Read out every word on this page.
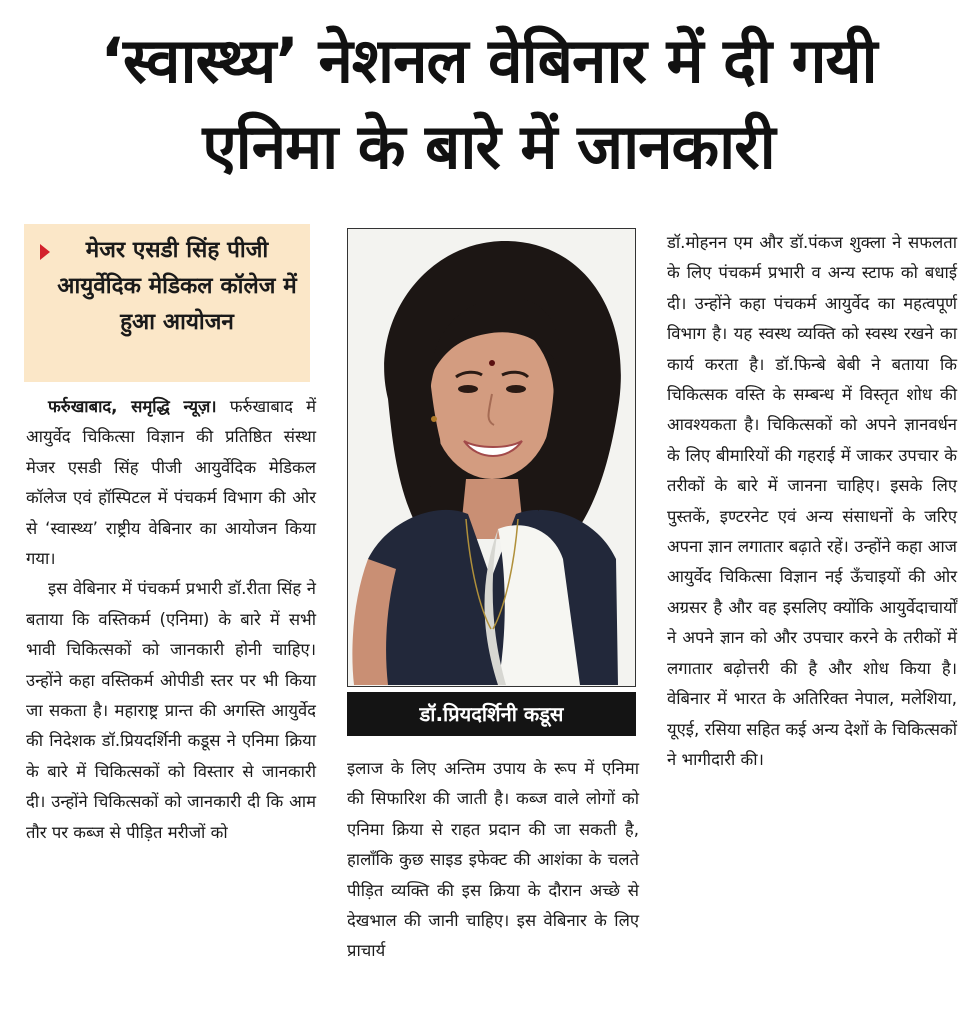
‘स्वास्थ्य’ नेशनल वेबिनार में दी गयी
एनिमा के बारे में जानकारी
मेजर एसडी सिंह पीजी आयुर्वेदिक मेडिकल कॉलेज में हुआ आयोजन

फर्रुखाबाद, समृद्धि न्यूज़। फर्रुखाबाद में आयुर्वेद चिकित्सा विज्ञान की प्रतिष्ठित संस्था मेजर एसडी सिंह पीजी आयुर्वेदिक मेडिकल कॉलेज एवं हॉस्पिटल में पंचकर्म विभाग की ओर से ‘स्वास्थ्य’ राष्ट्रीय वेबिनार का आयोजन किया गया।

इस वेबिनार में पंचकर्म प्रभारी डॉ.रीता सिंह ने बताया कि वस्तिकर्म (एनिमा) के बारे में सभी भावी चिकित्सकों को जानकारी होनी चाहिए। उन्होंने कहा वस्तिकर्म ओपीडी स्तर पर भी किया जा सकता है। महाराष्ट्र प्रान्त की अगस्ति आयुर्वेद की निदेशक डॉ.प्रियदर्शिनी कडूस ने एनिमा क्रिया के बारे में चिकित्सकों को विस्तार से जानकारी दी। उन्होंने चिकित्सकों को जानकारी दी कि आम तौर पर कब्ज से पीड़ित मरीजों को

डॉ.प्रियदर्शिनी कडूस

इलाज के लिए अन्तिम उपाय के रूप में एनिमा की सिफारिश की जाती है। कब्ज वाले लोगों को एनिमा क्रिया से राहत प्रदान की जा सकती है, हालाँकि कुछ साइड इफेक्ट की आशंका के चलते पीड़ित व्यक्ति की इस क्रिया के दौरान अच्छे से देखभाल की जानी चाहिए। इस वेबिनार के लिए प्राचार्य

डॉ.मोहनन एम और डॉ.पंकज शुक्ला ने सफलता के लिए पंचकर्म प्रभारी व अन्य स्टाफ को बधाई दी। उन्होंने कहा पंचकर्म आयुर्वेद का महत्वपूर्ण विभाग है। यह स्वस्थ व्यक्ति को स्वस्थ रखने का कार्य करता है। डॉ.फिन्बे बेबी ने बताया कि चिकित्सक वस्ति के सम्बन्ध में विस्तृत शोध की आवश्यकता है। चिकित्सकों को अपने ज्ञानवर्धन के लिए बीमारियों की गहराई में जाकर उपचार के तरीकों के बारे में जानना चाहिए। इसके लिए पुस्तकें, इण्टरनेट एवं अन्य संसाधनों के जरिए अपना ज्ञान लगातार बढ़ाते रहें। उन्होंने कहा आज आयुर्वेद चिकित्सा विज्ञान नई ऊँचाइयों की ओर अग्रसर है और वह इसलिए क्योंकि आयुर्वेदाचार्यों ने अपने ज्ञान को और उपचार करने के तरीकों में लगातार बढ़ोत्तरी की है और शोध किया है। वेबिनार में भारत के अतिरिक्त नेपाल, मलेशिया, यूएई, रसिया सहित कई अन्य देशों के चिकित्सकों ने भागीदारी की।
